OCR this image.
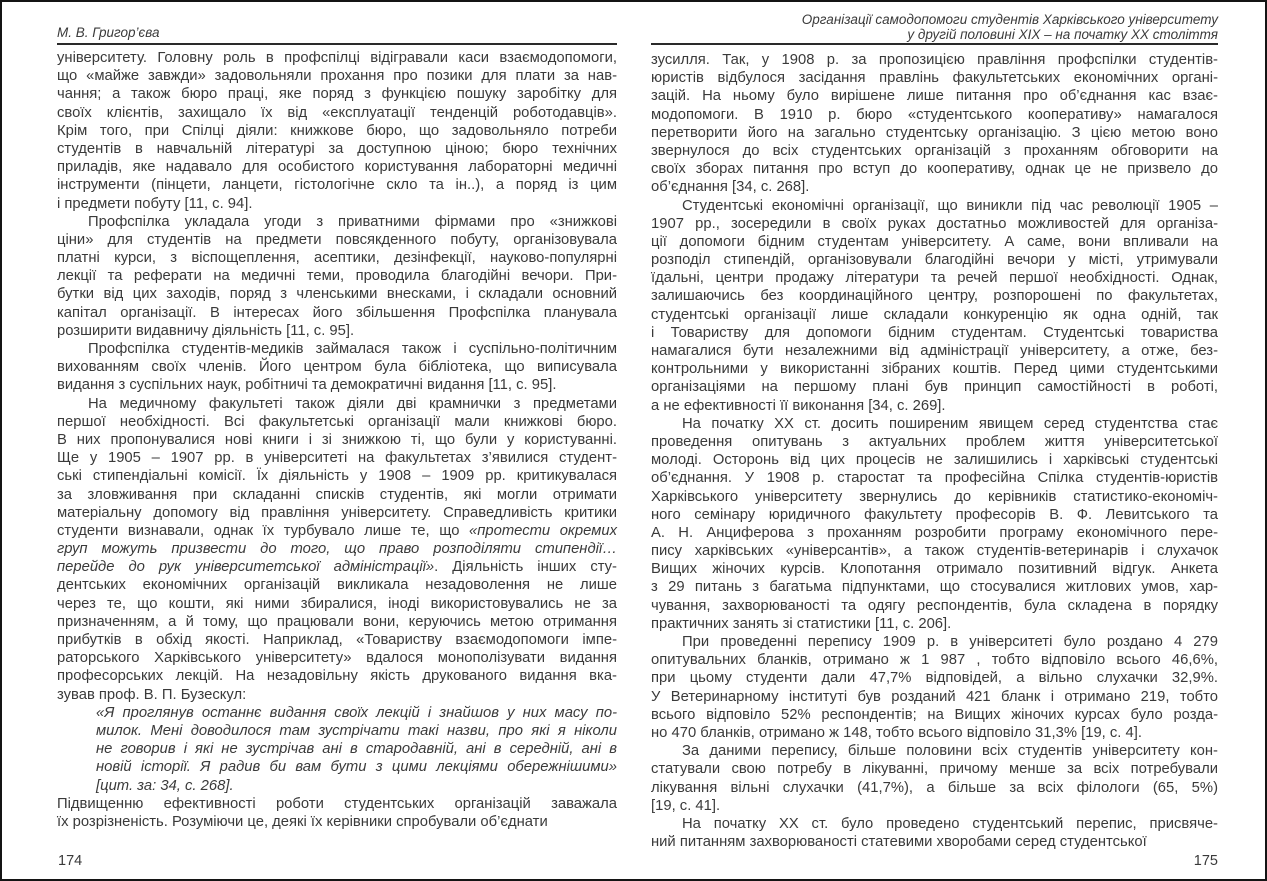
М. В. Григор’єва
університету. Головну роль в профспілці відігравали каси взаємодопомоги,
що «майже завжди» задовольняли прохання про позики для плати за нав-
чання; а також бюро праці, яке поряд з функцією пошуку заробітку для
своїх клієнтів, захищало їх від «експлуатації тенденцій роботодавців».
Крім того, при Спілці діяли: книжкове бюро, що задовольняло потреби
студентів в навчальній літературі за доступною ціною; бюро технічних
приладів, яке надавало для особистого користування лабораторні медичні
інструменти (пінцети, ланцети, гістологічне скло та ін..), а поряд із цим
і предмети побуту [11, с. 94].
Профспілка укладала угоди з приватними фірмами про «знижкові
ціни» для студентів на предмети повсякденного побуту, організовувала
платні курси, з віспощеплення, асептики, дезінфекції, науково-популярні
лекції та реферати на медичні теми, проводила благодійні вечори. При-
бутки від цих заходів, поряд з членськими внесками, і складали основний
капітал організації. В інтересах його збільшення Профспілка планувала
розширити видавничу діяльність [11, с. 95].
Профспілка студентів-медиків займалася також і суспільно-політичним
вихованням своїх членів. Його центром була бібліотека, що виписувала
видання з суспільних наук, робітничі та демократичні видання [11, с. 95].
На медичному факультеті також діяли дві крамнички з предметами
першої необхідності. Всі факультетські організації мали книжкові бюро.
В них пропонувалися нові книги і зі знижкою ті, що були у користуванні.
Ще у 1905 – 1907 рр. в університеті на факультетах з’явилися студент-
ські стипендіальні комісії. Їх діяльність у 1908 – 1909 рр. критикувалася
за зловживання при складанні списків студентів, які могли отримати
матеріальну допомогу від правління університету. Справедливість критики
студенти визнавали, однак їх турбувало лише те, що «протести окремих
груп можуть призвести до того, що право розподіляти стипендії…
перейде до рук університетської адміністрації». Діяльність інших сту-
дентських економічних організацій викликала незадоволення не лише
через те, що кошти, які ними збиралися, іноді використовувались не за
призначенням, а й тому, що працювали вони, керуючись метою отримання
прибутків в обхід якості. Наприклад, «Товариству взаємодопомоги імпе-
раторського Харківського університету» вдалося монополізувати видання
професорських лекцій. На незадовільну якість друкованого видання вка-
зував проф. В. П. Бузескул:
«Я проглянув останнє видання своїх лекцій і знайшов у них масу по-
милок. Мені доводилося там зустрічати такі назви, про які я ніколи
не говорив і які не зустрічав ані в стародавній, ані в середній, ані в
новій історії. Я радив би вам бути з цими лекціями обережнішими»
[цит. за: 34, с. 268].
Підвищенню ефективності роботи студентських організацій заважала
їх розрізненість. Розуміючи це, деякі їх керівники спробували об’єднати
174
Організації самодопомоги студентів Харківського університету
у другій половині XIX – на початку XX століття
зусилля. Так, у 1908 р. за пропозицією правління профспілки студентів-
юристів відбулося засідання правлінь факультетських економічних органі-
зацій. На ньому було вирішене лише питання про об’єднання кас взає-
модопомоги. В 1910 р. бюро «студентського кооперативу» намагалося
перетворити його на загально студентську організацію. З цією метою воно
звернулося до всіх студентських організацій з проханням обговорити на
своїх зборах питання про вступ до кооперативу, однак це не призвело до
об’єднання [34, с. 268].
Студентські економічні організації, що виникли під час революції 1905 –
1907 рр., зосередили в своїх руках достатньо можливостей для організа-
ції допомоги бідним студентам університету. А саме, вони впливали на
розподіл стипендій, організовували благодійні вечори у місті, утримували
їдальні, центри продажу літератури та речей першої необхідності. Однак,
залишаючись без координаційного центру, розпорошені по факультетах,
студентські організації лише складали конкуренцію як одна одній, так
і Товариству для допомоги бідним студентам. Студентські товариства
намагалися бути незалежними від адміністрації університету, а отже, без-
контрольними у використанні зібраних коштів. Перед цими студентськими
організаціями на першому плані був принцип самостійності в роботі,
а не ефективності її виконання [34, с. 269].
На початку XX ст. досить поширеним явищем серед студентства стає
проведення опитувань з актуальних проблем життя університетської
молоді. Осторонь від цих процесів не залишились і харківські студентські
об’єднання. У 1908 р. старостат та професійна Спілка студентів-юристів
Харківського університету звернулись до керівників статистико-економіч-
ного семінару юридичного факультету професорів В. Ф. Левитського та
А. Н. Анциферова з проханням розробити програму економічного пере-
пису харківських «універсантів», а також студентів-ветеринарів і слухачок
Вищих жіночих курсів. Клопотання отримало позитивний відгук. Анкета
з 29 питань з багатьма підпунктами, що стосувалися житлових умов, хар-
чування, захворюваності та одягу респондентів, була складена в порядку
практичних занять зі статистики [11, с. 206].
При проведенні перепису 1909 р. в університеті було роздано 4 279
опитувальних бланків, отримано ж 1 987 , тобто відповіло всього 46,6%,
при цьому студенти дали 47,7% відповідей, а вільно слухачки 32,9%.
У Ветеринарному інституті був розданий 421 бланк і отримано 219, тобто
всього відповіло 52% респондентів; на Вищих жіночих курсах було розда-
но 470 бланків, отримано ж 148, тобто всього відповіло 31,3% [19, с. 4].
За даними перепису, більше половини всіх студентів університету кон-
статували свою потребу в лікуванні, причому менше за всіх потребували
лікування вільні слухачки (41,7%), а більше за всіх філологи (65, 5%)
[19, с. 41].
На початку XX ст. було проведено студентський перепис, присвяче-
ний питанням захворюваності статевими хворобами серед студентської
175
